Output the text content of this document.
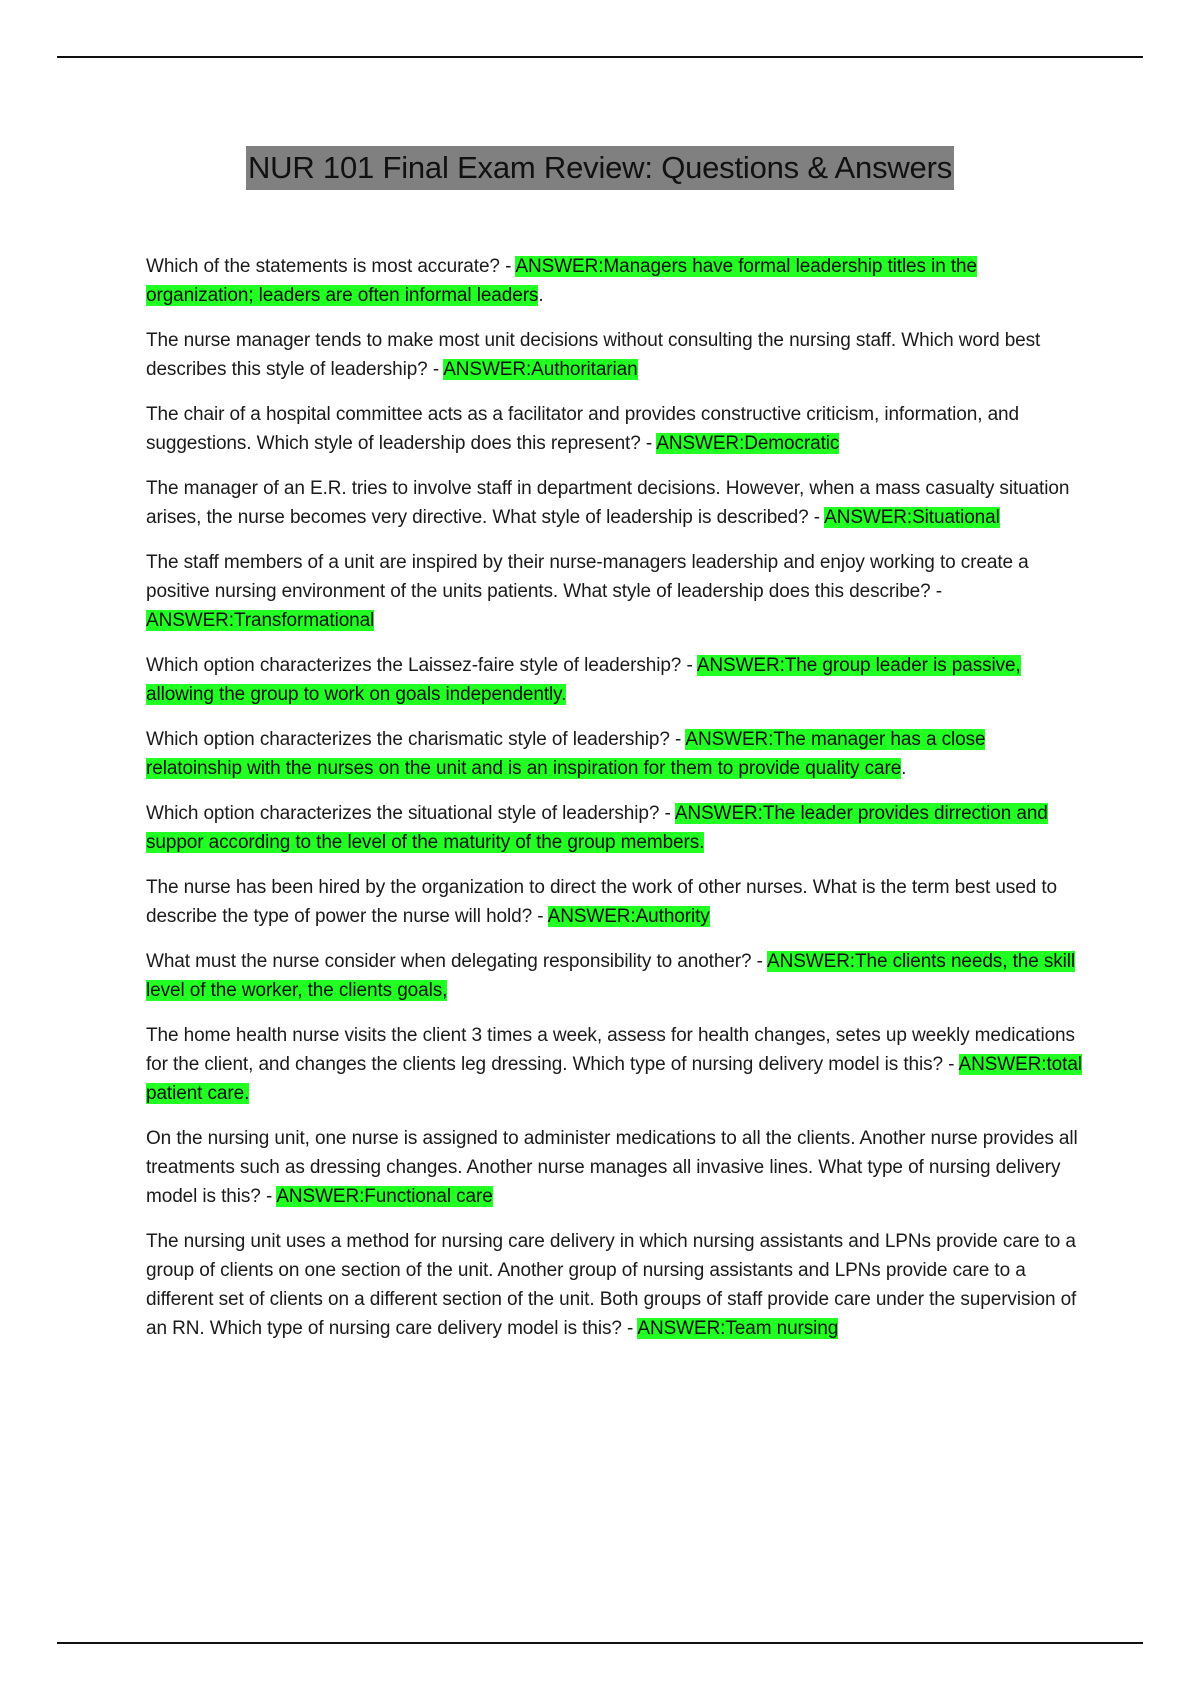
NUR 101 Final Exam Review: Questions & Answers

Which of the statements is most accurate? - ANSWER:Managers have formal leadership titles in the organization; leaders are often informal leaders.

The nurse manager tends to make most unit decisions without consulting the nursing staff. Which word best describes this style of leadership? - ANSWER:Authoritarian

The chair of a hospital committee acts as a facilitator and provides constructive criticism, information, and suggestions. Which style of leadership does this represent? - ANSWER:Democratic

The manager of an E.R. tries to involve staff in department decisions. However, when a mass casualty situation arises, the nurse becomes very directive. What style of leadership is described? - ANSWER:Situational

The staff members of a unit are inspired by their nurse-managers leadership and enjoy working to create a positive nursing environment of the units patients. What style of leadership does this describe? - ANSWER:Transformational

Which option characterizes the Laissez-faire style of leadership? - ANSWER:The group leader is passive, allowing the group to work on goals independently.

Which option characterizes the charismatic style of leadership? - ANSWER:The manager has a close relatoinship with the nurses on the unit and is an inspiration for them to provide quality care.

Which option characterizes the situational style of leadership? - ANSWER:The leader provides dirrection and suppor according to the level of the maturity of the group members.

The nurse has been hired by the organization to direct the work of other nurses. What is the term best used to describe the type of power the nurse will hold? - ANSWER:Authority

What must the nurse consider when delegating responsibility to another? - ANSWER:The clients needs, the skill level of the worker, the clients goals,

The home health nurse visits the client 3 times a week, assess for health changes, setes up weekly medications for the client, and changes the clients leg dressing. Which type of nursing delivery model is this? - ANSWER:total patient care.

On the nursing unit, one nurse is assigned to administer medications to all the clients. Another nurse provides all treatments such as dressing changes. Another nurse manages all invasive lines. What type of nursing delivery model is this? - ANSWER:Functional care

The nursing unit uses a method for nursing care delivery in which nursing assistants and LPNs provide care to a group of clients on one section of the unit. Another group of nursing assistants and LPNs provide care to a different set of clients on a different section of the unit. Both groups of staff provide care under the supervision of an RN. Which type of nursing care delivery model is this? - ANSWER:Team nursing
